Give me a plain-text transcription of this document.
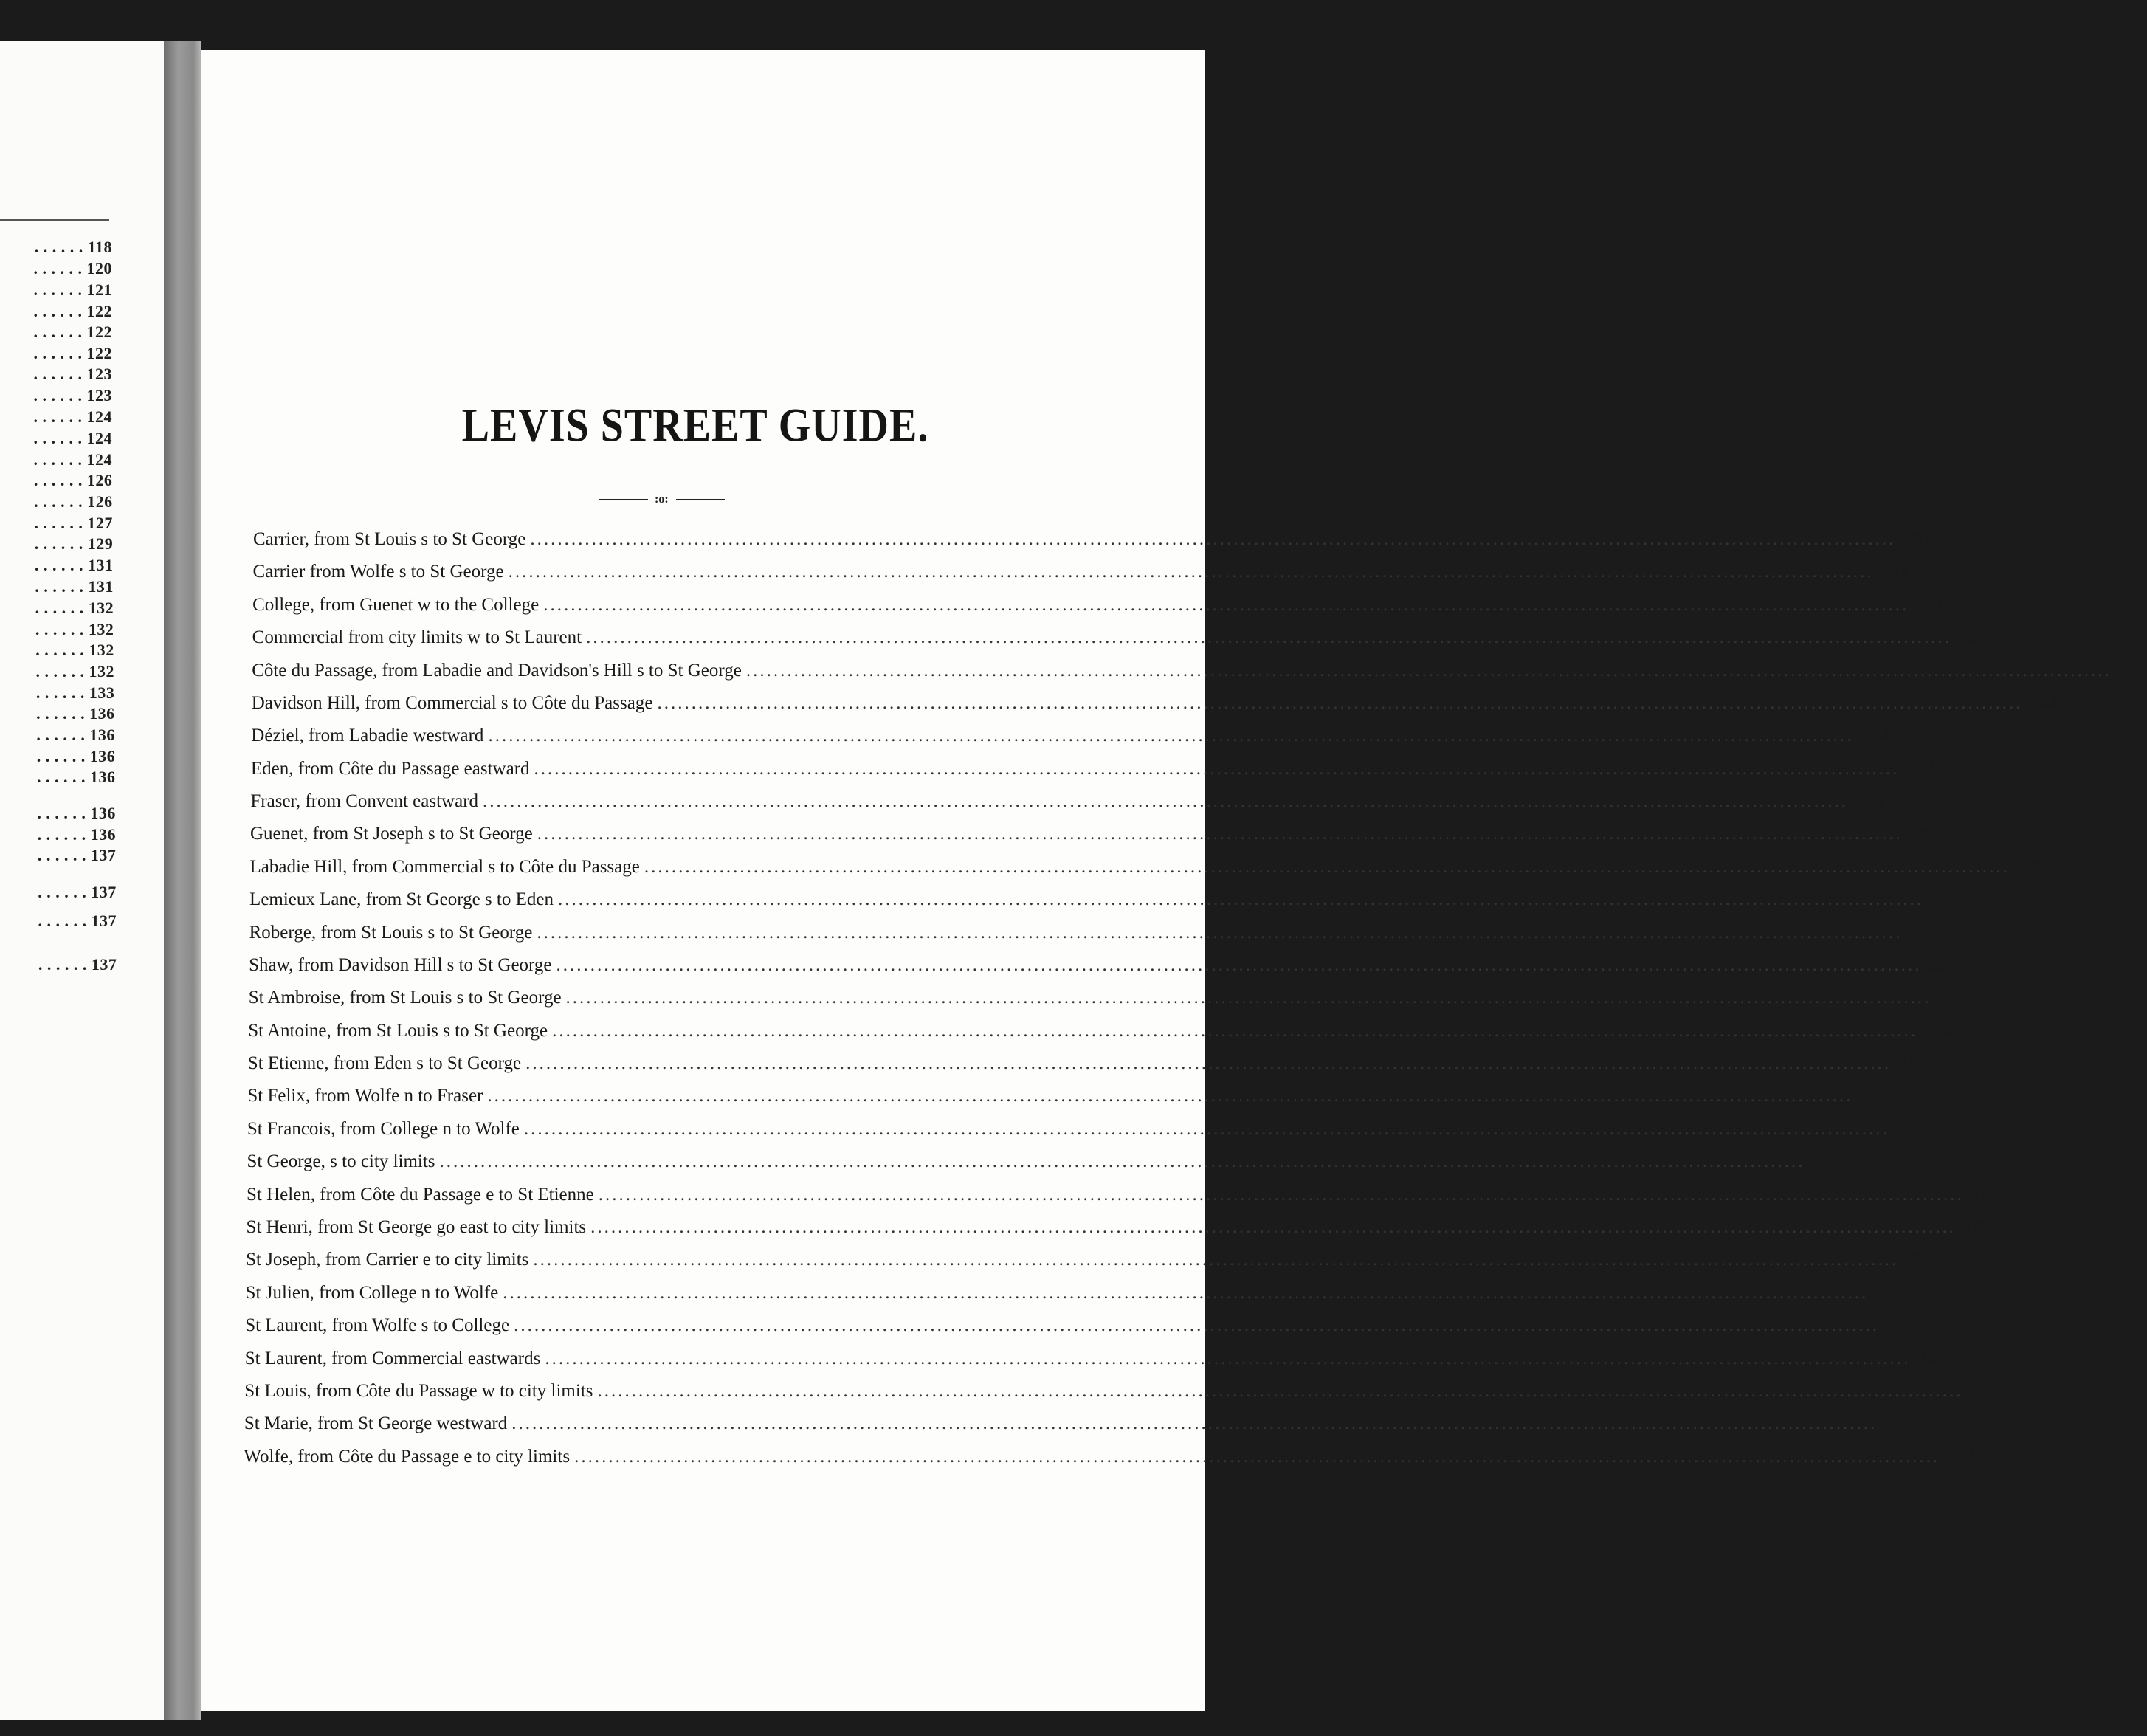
. . . . . . 118
. . . . . . 120
. . . . . . 121
. . . . . . 122
. . . . . . 122
. . . . . . 122
. . . . . . 123
. . . . . . 123
. . . . . . 124
. . . . . . 124
. . . . . . 124
. . . . . . 126
. . . . . . 126
. . . . . . 127
. . . . . . 129
. . . . . . 131
. . . . . . 131
. . . . . . 132
. . . . . . 132
. . . . . . 132
. . . . . . 132
. . . . . . 133
. . . . . . 136
. . . . . . 136
. . . . . . 136
. . . . . . 136
. . . . . . 136
. . . . . . 136
. . . . . . 137
. . . . . . 137
. . . . . . 137
. . . . . . 137
LEVIS STREET GUIDE.
:o:
Carrier, from St Louis s to St George ........................................................................................................................................................................................................ 281
Carrier from Wolfe s to St George ........................................................................................................................................................................................................ 281
College, from Guenet w to the College ........................................................................................................................................................................................................ 281
Commercial from city limits w to St Laurent ........................................................................................................................................................................................................ 282
Côte du Passage, from Labadie and Davidson's Hill s to St George ........................................................................................................................................................................................................ 283
Davidson Hill, from Commercial s to Côte du Passage ........................................................................................................................................................................................................ 284
Déziel, from Labadie westward ........................................................................................................................................................................................................ 284
Eden, from Côte du Passage eastward ........................................................................................................................................................................................................ 284
Fraser, from Convent eastward ........................................................................................................................................................................................................ 285
Guenet, from St Joseph s to St George ........................................................................................................................................................................................................ 285
Labadie Hill, from Commercial s to Côte du Passage ........................................................................................................................................................................................................ 285
Lemieux Lane, from St George s to Eden ........................................................................................................................................................................................................ 285
Roberge, from St Louis s to St George ........................................................................................................................................................................................................ 286
Shaw, from Davidson Hill s to St George ........................................................................................................................................................................................................ 286
St Ambroise, from St Louis s to St George ........................................................................................................................................................................................................ 286
St Antoine, from St Louis s to St George ........................................................................................................................................................................................................ 286
St Etienne, from Eden s to St George ........................................................................................................................................................................................................ 286
St Felix, from Wolfe n to Fraser ........................................................................................................................................................................................................ 287
St Francois, from College n to Wolfe ........................................................................................................................................................................................................ 287
St George, s to city limits ........................................................................................................................................................................................................ 287
St Helen, from Côte du Passage e to St Etienne ........................................................................................................................................................................................................ 288
St Henri, from St George go east to city limits ........................................................................................................................................................................................................ 288
St Joseph, from Carrier e to city limits ........................................................................................................................................................................................................ 288
St Julien, from College n to Wolfe ........................................................................................................................................................................................................ 288
St Laurent, from Wolfe s to College ........................................................................................................................................................................................................ 288
St Laurent, from Commercial eastwards ........................................................................................................................................................................................................ 288
St Louis, from Côte du Passage w to city limits ........................................................................................................................................................................................................ 292
St Marie, from St George westward ........................................................................................................................................................................................................ 293
Wolfe, from Côte du Passage e to city limits ........................................................................................................................................................................................................ 293
